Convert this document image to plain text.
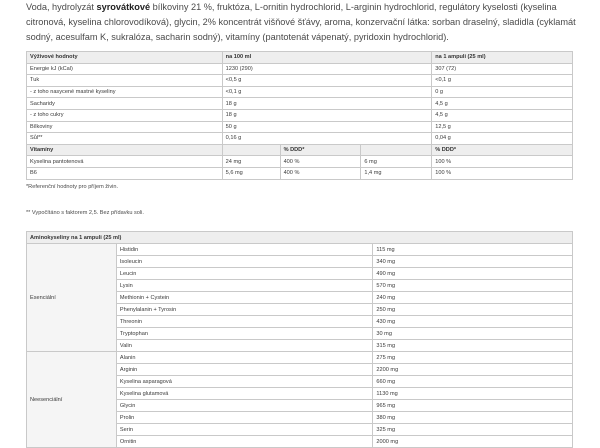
Voda, hydrolyzát syrovátkové bílkoviny 21 %, fruktóza, L-ornitin hydrochlorid, L-arginin hydrochlorid, regulátory kyselosti (kyselina citronová, kyselina chlorovodíková), glycin, 2% koncentrát višňové šťávy, aroma, konzervační látka: sorban draselný, sladidla (cyklamát sodný, acesulfam K, sukralóza, sacharin sodný), vitamíny (pantotenát vápenatý, pyridoxin hydrochlorid).
Výživové hodnoty	na 100 ml			na 1 ampuli (25 ml)
Energie kJ (kCal)	1230 (290)			307 (72)
Tuk	<0,5 g			<0,1 g
- z toho nasycené mastné kyseliny	<0,1 g			0 g
Sacharidy	18 g			4,5 g
- z toho cukry	18 g			4,5 g
Bílkoviny	50 g			12,5 g
Sůl**	0,16 g			0,04 g
Vitamíny		% DDD*		% DDD*
Kyselina pantotenová	24 mg	400 %	6 mg	100 %
B6	5,6 mg	400 %	1,4 mg	100 %
*Referenční hodnoty pro příjem živin.
** Vypočítáno s faktorem 2,5. Bez přídavku soli.
Aminokyseliny na 1 ampuli (25 ml)		
Esenciální	Histidin	115 mg
	Isoleucin	340 mg
	Leucin	490 mg
	Lysin	570 mg
	Methionin + Cystein	240 mg
	Phenylalanin + Tyrosin	250 mg
	Threonin	430 mg
	Tryptophan	30 mg
	Valin	315 mg
Neesenciální	Alanin	275 mg
	Arginin	2200 mg
	Kyselina asparagová	660 mg
	Kyselina glutamová	1130 mg
	Glycin	965 mg
	Prolin	380 mg
	Serin	325 mg
	Ornitin	2000 mg
